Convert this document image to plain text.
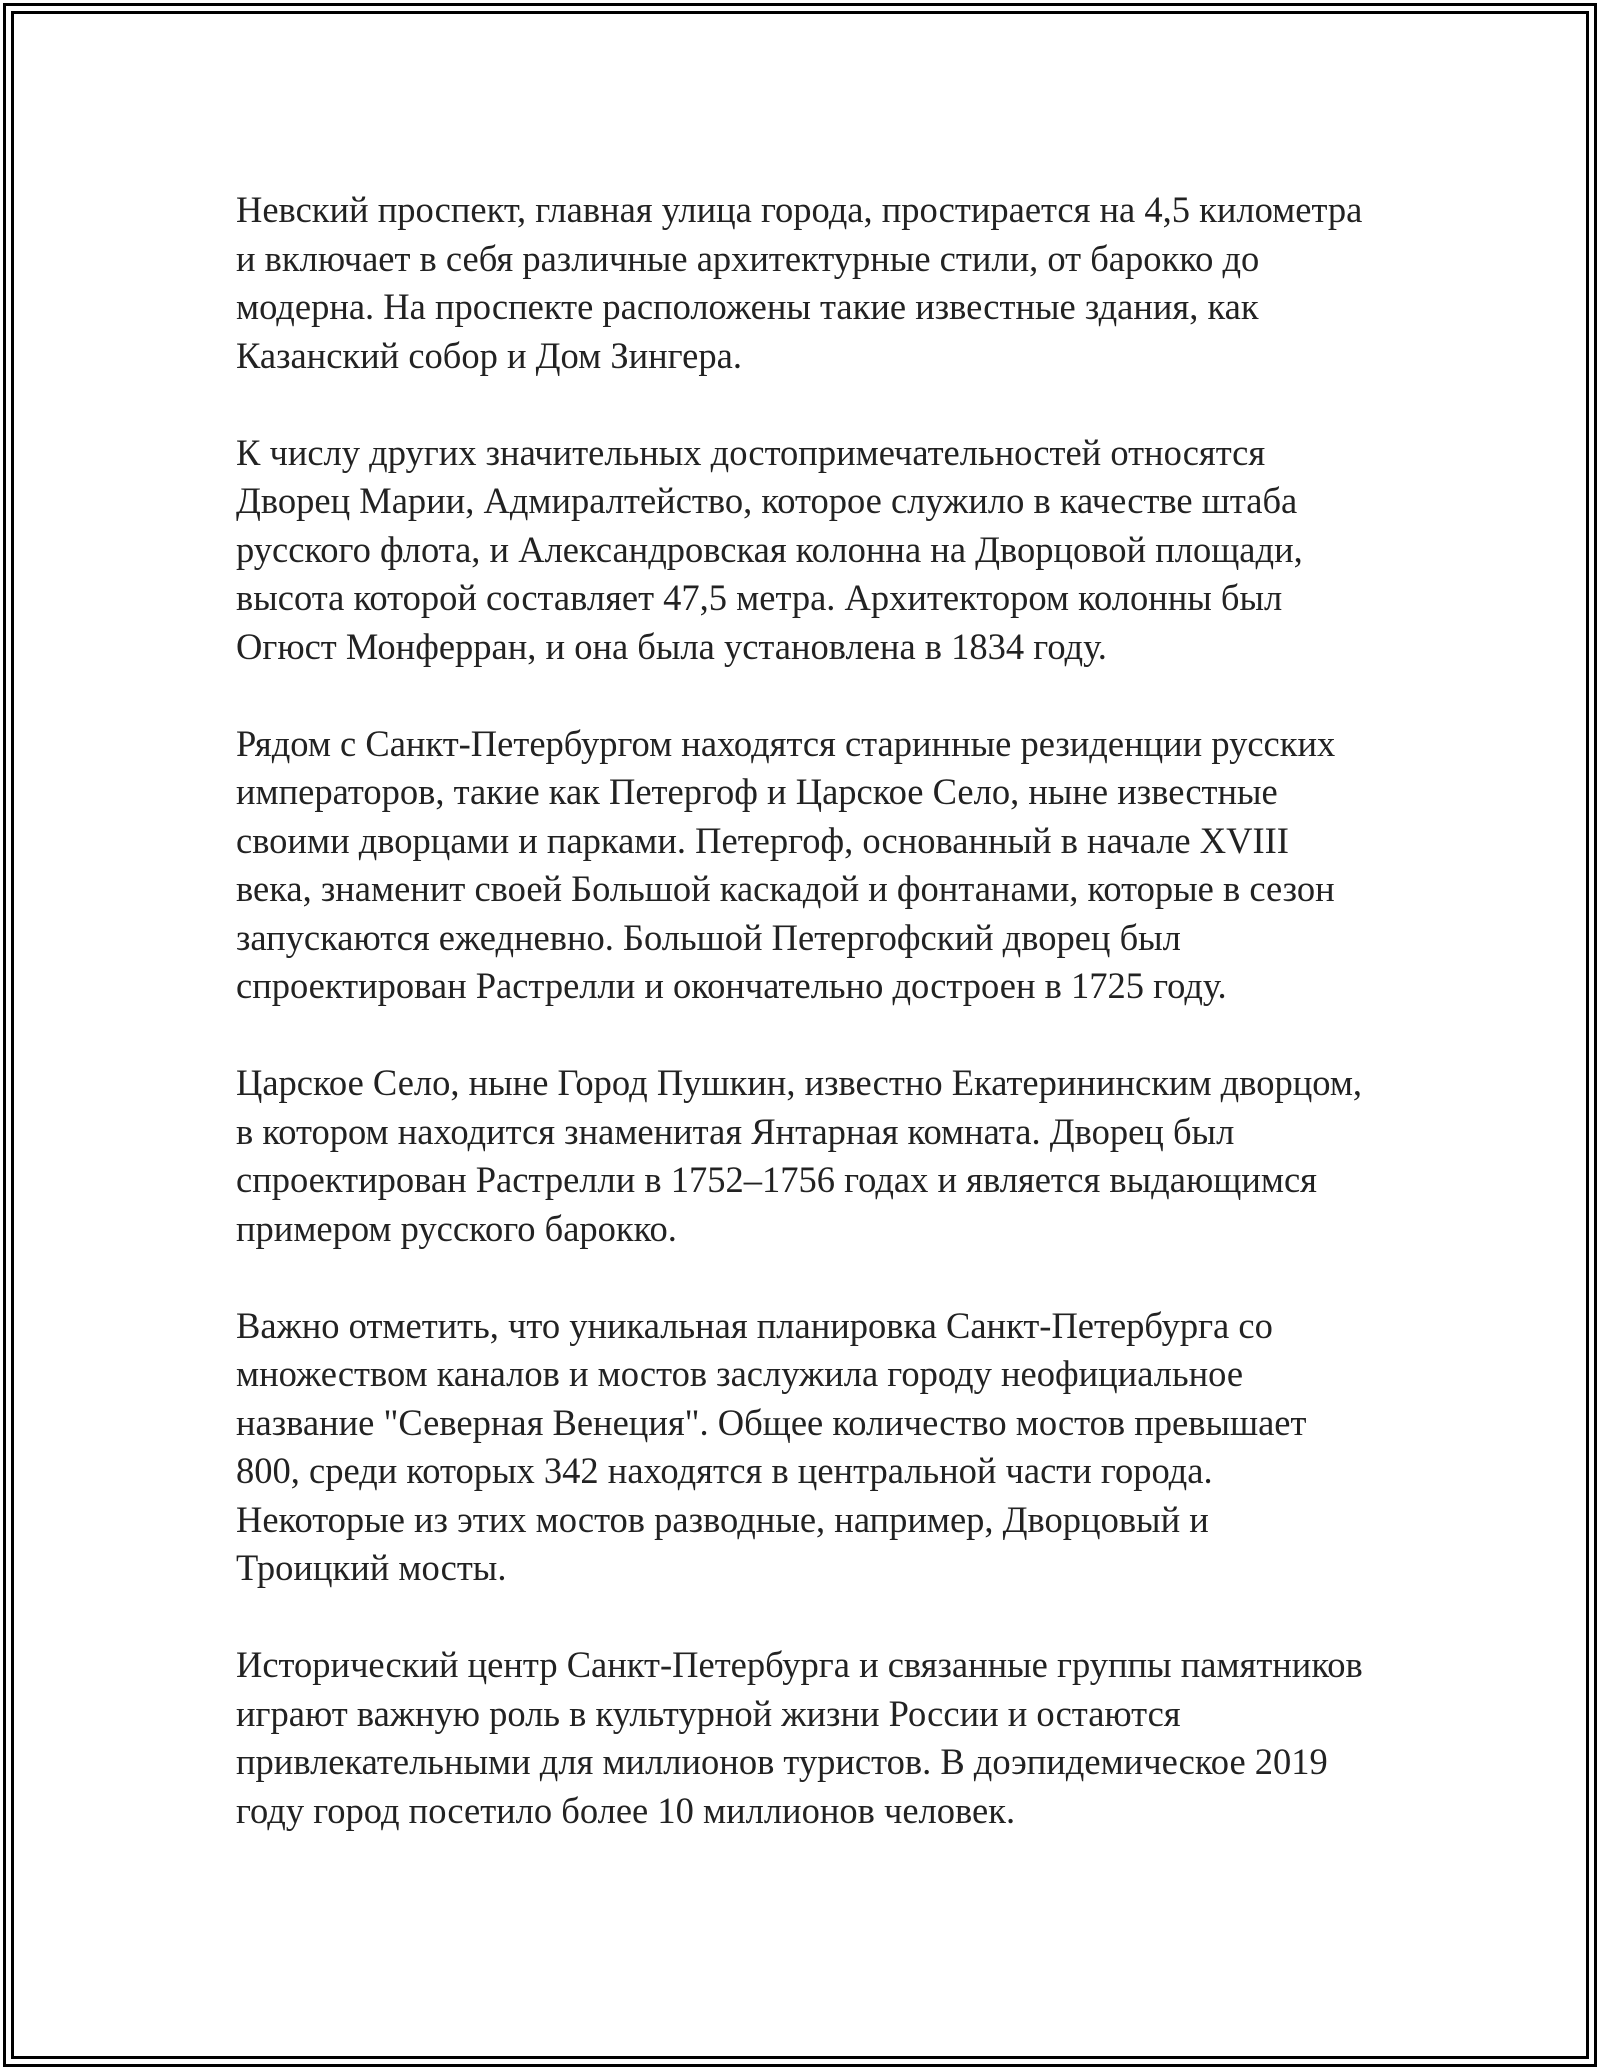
Невский проспект, главная улица города, простирается на 4,5 километра и включает в себя различные архитектурные стили, от барокко до модерна. На проспекте расположены такие известные здания, как Казанский собор и Дом Зингера.

К числу других значительных достопримечательностей относятся Дворец Марии, Адмиралтейство, которое служило в качестве штаба русского флота, и Александровская колонна на Дворцовой площади, высота которой составляет 47,5 метра. Архитектором колонны был Огюст Монферран, и она была установлена в 1834 году.

Рядом с Санкт-Петербургом находятся старинные резиденции русских императоров, такие как Петергоф и Царское Село, ныне известные своими дворцами и парками. Петергоф, основанный в начале XVIII века, знаменит своей Большой каскадой и фонтанами, которые в сезон запускаются ежедневно. Большой Петергофский дворец был спроектирован Растрелли и окончательно достроен в 1725 году.

Царское Село, ныне Город Пушкин, известно Екатерининским дворцом, в котором находится знаменитая Янтарная комната. Дворец был спроектирован Растрелли в 1752–1756 годах и является выдающимся примером русского барокко.

Важно отметить, что уникальная планировка Санкт-Петербурга со множеством каналов и мостов заслужила городу неофициальное название "Северная Венеция". Общее количество мостов превышает 800, среди которых 342 находятся в центральной части города. Некоторые из этих мостов разводные, например, Дворцовый и Троицкий мосты.

Исторический центр Санкт-Петербурга и связанные группы памятников играют важную роль в культурной жизни России и остаются привлекательными для миллионов туристов. В доэпидемическое 2019 году город посетило более 10 миллионов человек.
